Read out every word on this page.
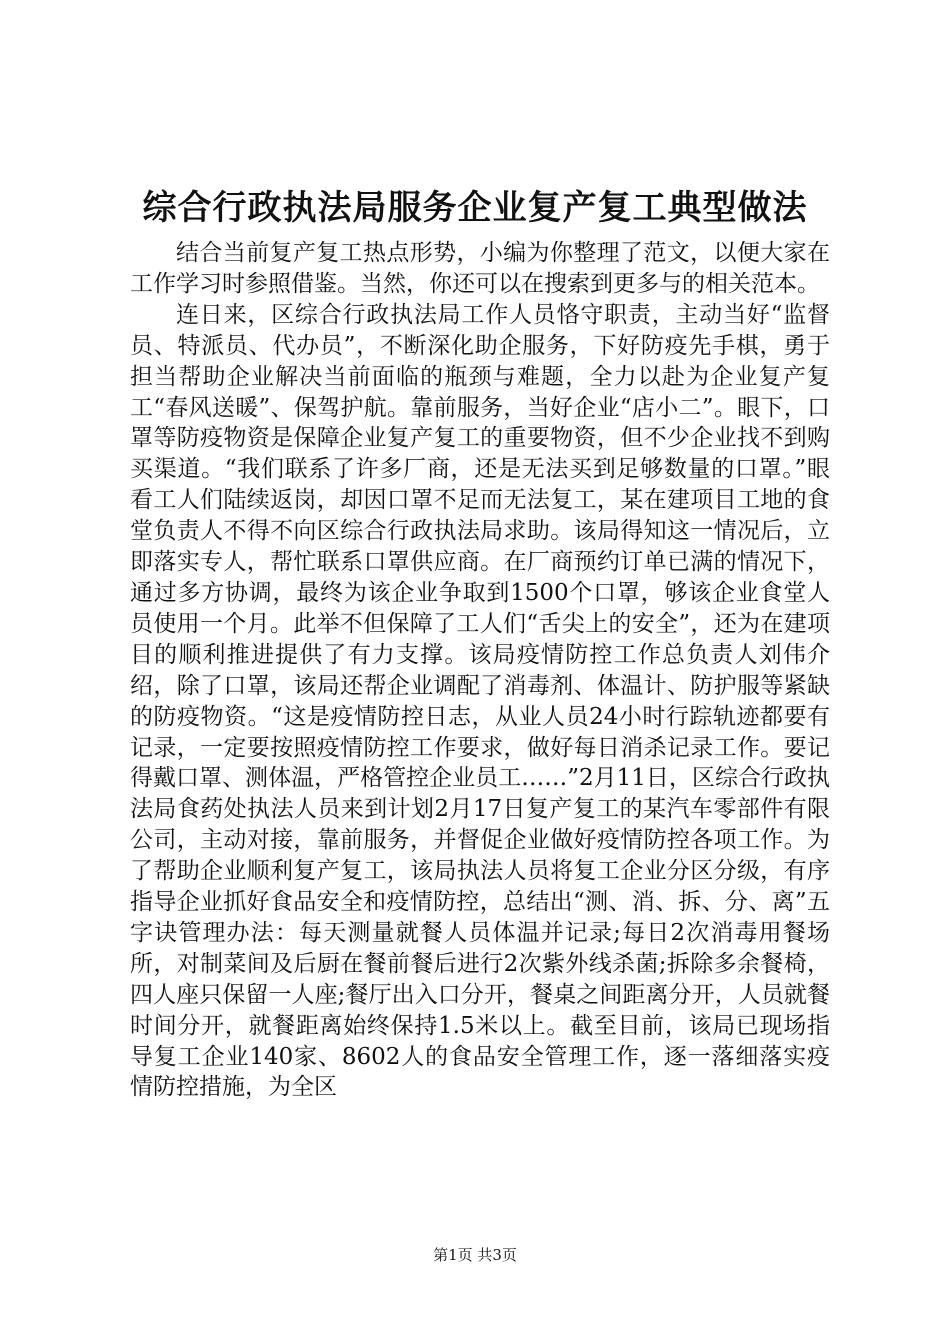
综合行政执法局服务企业复产复工典型做法

结合当前复产复工热点形势，小编为你整理了范文，以便大家在工作学习时参照借鉴。当然，你还可以在搜索到更多与的相关范本。

连日来，区综合行政执法局工作人员恪守职责，主动当好“监督员、特派员、代办员”，不断深化助企服务，下好防疫先手棋，勇于担当帮助企业解决当前面临的瓶颈与难题，全力以赴为企业复产复工“春风送暖”、保驾护航。靠前服务，当好企业“店小二”。眼下，口罩等防疫物资是保障企业复产复工的重要物资，但不少企业找不到购买渠道。“我们联系了许多厂商，还是无法买到足够数量的口罩。”眼看工人们陆续返岗，却因口罩不足而无法复工，某在建项目工地的食堂负责人不得不向区综合行政执法局求助。该局得知这一情况后，立即落实专人，帮忙联系口罩供应商。在厂商预约订单已满的情况下，通过多方协调，最终为该企业争取到1500个口罩，够该企业食堂人员使用一个月。此举不但保障了工人们“舌尖上的安全”，还为在建项目的顺利推进提供了有力支撑。该局疫情防控工作总负责人刘伟介绍，除了口罩，该局还帮企业调配了消毒剂、体温计、防护服等紧缺的防疫物资。“这是疫情防控日志，从业人员24小时行踪轨迹都要有记录，一定要按照疫情防控工作要求，做好每日消杀记录工作。要记得戴口罩、测体温，严格管控企业员工……”2月11日，区综合行政执法局食药处执法人员来到计划2月17日复产复工的某汽车零部件有限公司，主动对接，靠前服务，并督促企业做好疫情防控各项工作。为了帮助企业顺利复产复工，该局执法人员将复工企业分区分级，有序指导企业抓好食品安全和疫情防控，总结出“测、消、拆、分、离”五字诀管理办法：每天测量就餐人员体温并记录;每日2次消毒用餐场所，对制菜间及后厨在餐前餐后进行2次紫外线杀菌;拆除多余餐椅，四人座只保留一人座;餐厅出入口分开，餐桌之间距离分开，人员就餐时间分开，就餐距离始终保持1.5米以上。截至目前，该局已现场指导复工企业140家、8602人的食品安全管理工作，逐一落细落实疫情防控措施，为全区

第1页 共3页
